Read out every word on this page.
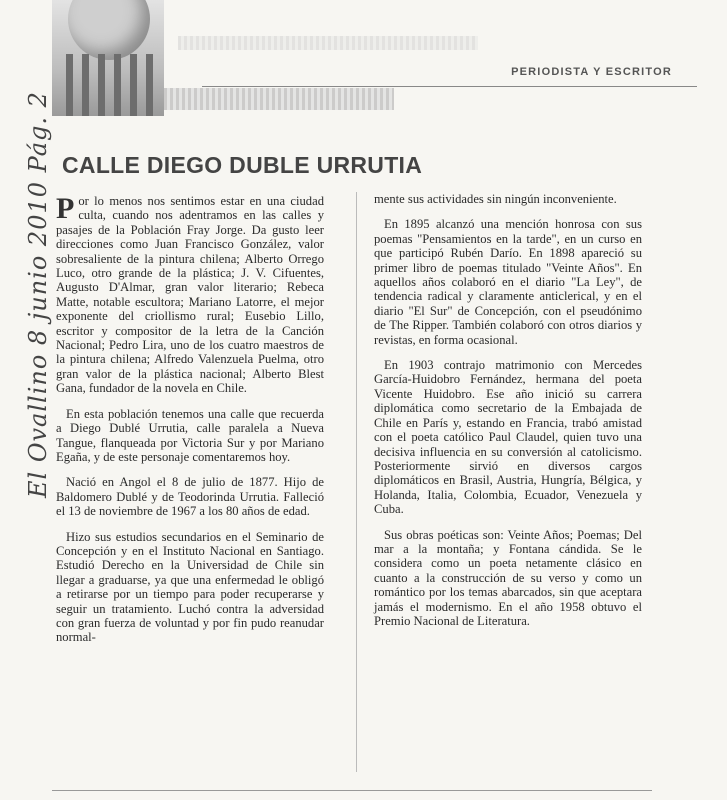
El Ovallino 8 junio 2010 Pág. 2
PERIODISTA Y ESCRITOR
CALLE DIEGO DUBLE URRUTIA

Por lo menos nos sentimos estar en una ciudad culta, cuando nos adentramos en las calles y pasajes de la Población Fray Jorge. Da gusto leer direcciones como Juan Francisco González, valor sobresaliente de la pintura chilena; Alberto Orrego Luco, otro grande de la plástica; J. V. Cifuentes, Augusto D'Almar, gran valor literario; Rebeca Matte, notable escultora; Mariano Latorre, el mejor exponente del criollismo rural; Eusebio Lillo, escritor y compositor de la letra de la Canción Nacional; Pedro Lira, uno de los cuatro maestros de la pintura chilena; Alfredo Valenzuela Puelma, otro gran valor de la plástica nacional; Alberto Blest Gana, fundador de la novela en Chile.

En esta población tenemos una calle que recuerda a Diego Dublé Urrutia, calle paralela a Nueva Tangue, flanqueada por Victoria Sur y por Mariano Egaña, y de este personaje comentaremos hoy.

Nació en Angol el 8 de julio de 1877. Hijo de Baldomero Dublé y de Teodorinda Urrutia. Falleció el 13 de noviembre de 1967 a los 80 años de edad.

Hizo sus estudios secundarios en el Seminario de Concepción y en el Instituto Nacional en Santiago. Estudió Derecho en la Universidad de Chile sin llegar a graduarse, ya que una enfermedad le obligó a retirarse por un tiempo para poder recuperarse y seguir un tratamiento. Luchó contra la adversidad con gran fuerza de voluntad y por fin pudo reanudar normal-

mente sus actividades sin ningún inconveniente.

En 1895 alcanzó una mención honrosa con sus poemas "Pensamientos en la tarde", en un curso en que participó Rubén Darío. En 1898 apareció su primer libro de poemas titulado "Veinte Años". En aquellos años colaboró en el diario "La Ley", de tendencia radical y claramente anticlerical, y en el diario "El Sur" de Concepción, con el pseudónimo de The Ripper. También colaboró con otros diarios y revistas, en forma ocasional.

En 1903 contrajo matrimonio con Mercedes García-Huidobro Fernández, hermana del poeta Vicente Huidobro. Ese año inició su carrera diplomática como secretario de la Embajada de Chile en París y, estando en Francia, trabó amistad con el poeta católico Paul Claudel, quien tuvo una decisiva influencia en su conversión al catolicismo. Posteriormente sirvió en diversos cargos diplomáticos en Brasil, Austria, Hungría, Bélgica, y Holanda, Italia, Colombia, Ecuador, Venezuela y Cuba.

Sus obras poéticas son: Veinte Años; Poemas; Del mar a la montaña; y Fontana cándida. Se le considera como un poeta netamente clásico en cuanto a la construcción de su verso y como un romántico por los temas abarcados, sin que aceptara jamás el modernismo. En el año 1958 obtuvo el Premio Nacional de Literatura.
